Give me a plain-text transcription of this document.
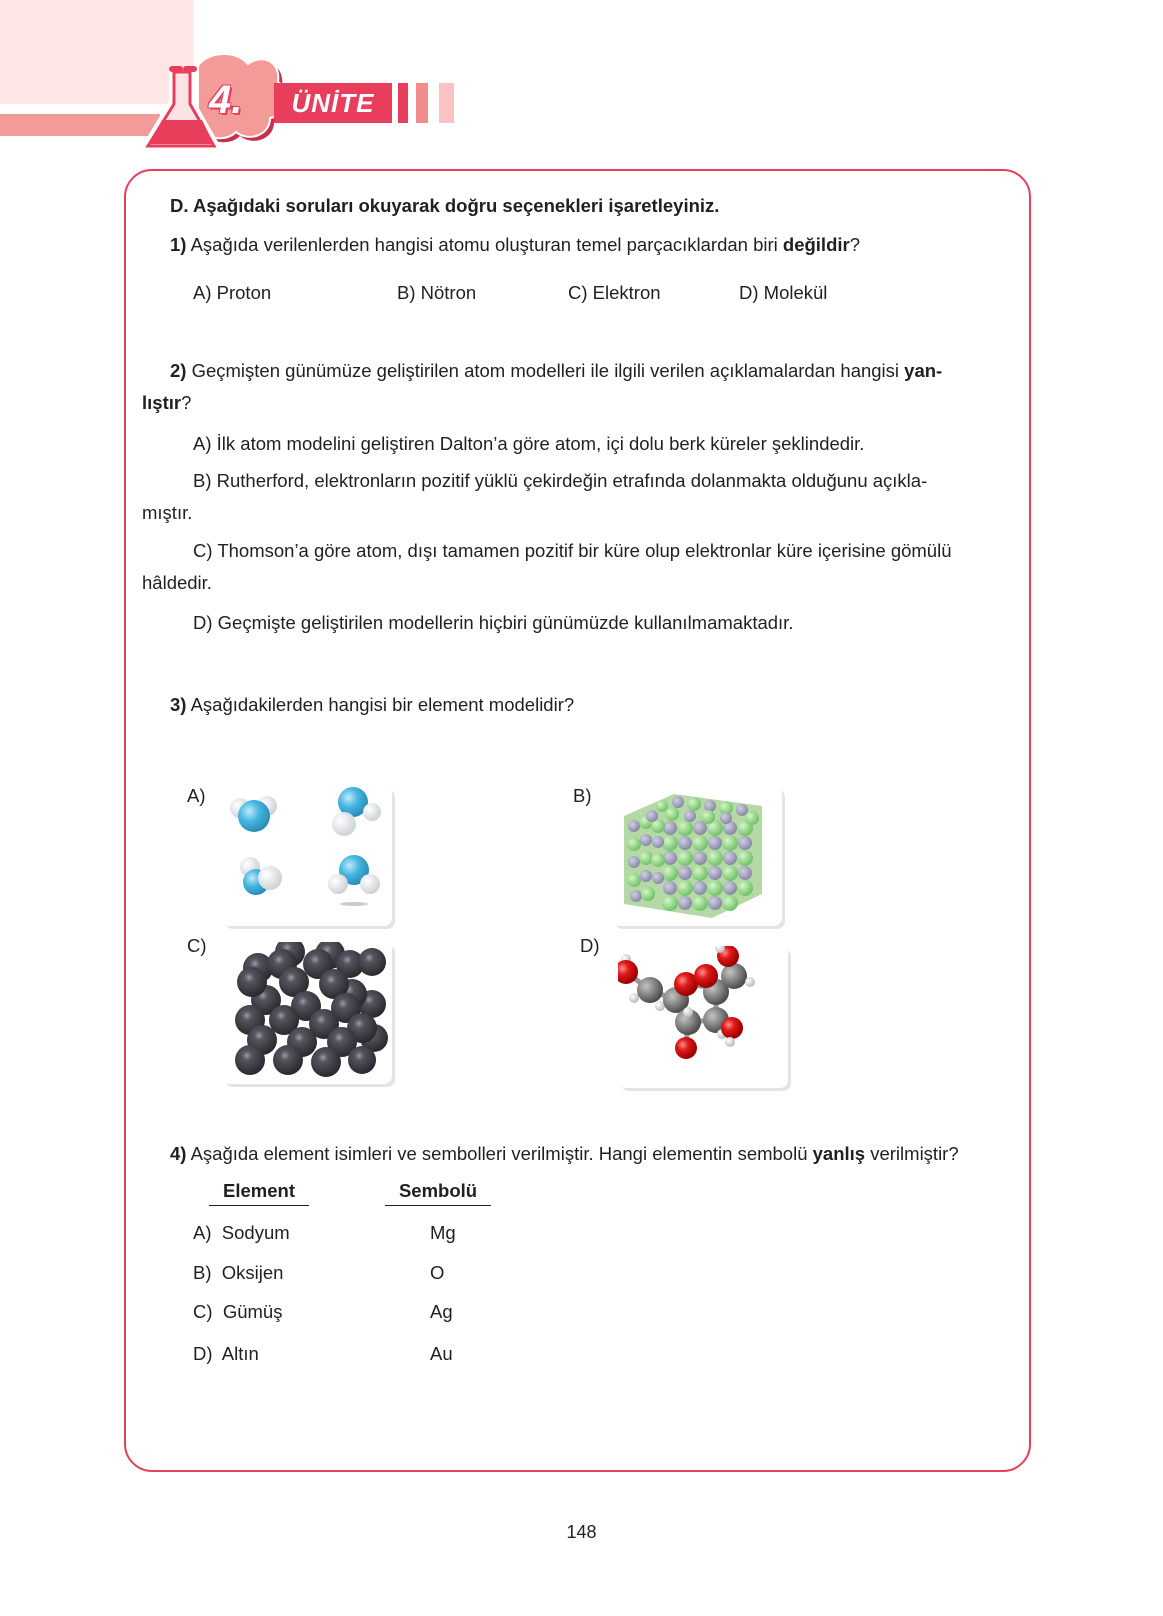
4.	ÜNİTE
D. Aşağıdaki soruları okuyarak doğru seçenekleri işaretleyiniz.
1) Aşağıda verilenlerden hangisi atomu oluşturan temel parçacıklardan biri değildir?
A) Proton	B) Nötron	C) Elektron	D) Molekül
2) Geçmişten günümüze geliştirilen atom modelleri ile ilgili verilen açıklamalardan hangisi yan-
lıştır?
A) İlk atom modelini geliştiren Dalton’a göre atom, içi dolu berk küreler şeklindedir.
B) Rutherford, elektronların pozitif yüklü çekirdeğin etrafında dolanmakta olduğunu açıkla-
mıştır.
C) Thomson’a göre atom, dışı tamamen pozitif bir küre olup elektronlar küre içerisine gömülü
hâldedir.
D) Geçmişte geliştirilen modellerin hiçbiri günümüzde kullanılmamaktadır.
3) Aşağıdakilerden hangisi bir element modelidir?
A)	B)
C)	D)
4) Aşağıda element isimleri ve sembolleri verilmiştir. Hangi elementin sembolü yanlış verilmiştir?
Element	Sembolü
A) Sodyum	Mg
B) Oksijen	O
C) Gümüş	Ag
D) Altın	Au
148
